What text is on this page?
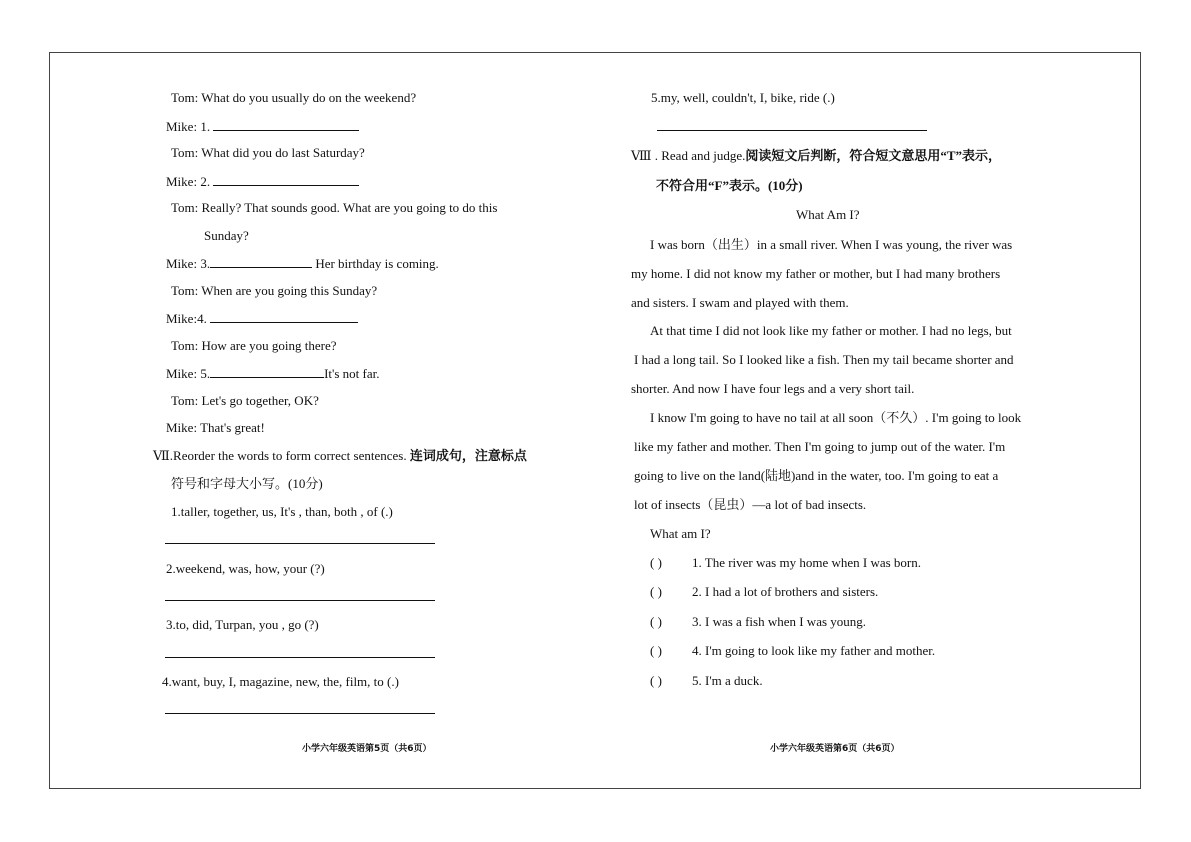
Tom: What do you usually do on the weekend?
Mike: 1.
Tom: What did you do last Saturday?
Mike: 2.
Tom: Really? That sounds good. What are you going to do this
Sunday?
Mike: 3.	Her birthday is coming.
Tom: When are you going this Sunday?
Mike:4.
Tom: How are you going there?
Mike: 5.	It's not far.
Tom: Let's go together, OK?
Mike: That's great!
Ⅶ.Reorder the words to form correct sentences. 连词成句，注意标点
符号和字母大小写。(10分)
1.taller, together, us, It's , than, both , of (.)
2.weekend, was, how, your (?)
3.to, did, Turpan, you , go (?)
4.want, buy, I, magazine, new, the, film, to (.)
小学六年级英语第5页（共6页）
5.my, well, couldn't, I, bike, ride (.)
Ⅷ . Read and judge.阅读短文后判断，符合短文意思用“T”表示，
不符合用“F”表示。(10分)
What Am I?
I was born（出生）in a small river. When I was young, the river was
my home. I did not know my father or mother, but I had many brothers
and sisters. I swam and played with them.
At that time I did not look like my father or mother. I had no legs, but
I had a long tail. So I looked like a fish. Then my tail became shorter and
shorter. And now I have four legs and a very short tail.
I know I'm going to have no tail at all soon（不久）. I'm going to look
like my father and mother. Then I'm going to jump out of the water. I'm
going to live on the land(陆地)and in the water, too. I'm going to eat a
lot of insects（昆虫）—a lot of bad insects.
What am I?
( ) 1. The river was my home when I was born.
( ) 2. I had a lot of brothers and sisters.
( ) 3. I was a fish when I was young.
( ) 4. I'm going to look like my father and mother.
( ) 5. I'm a duck.
小学六年级英语第6页（共6页）
